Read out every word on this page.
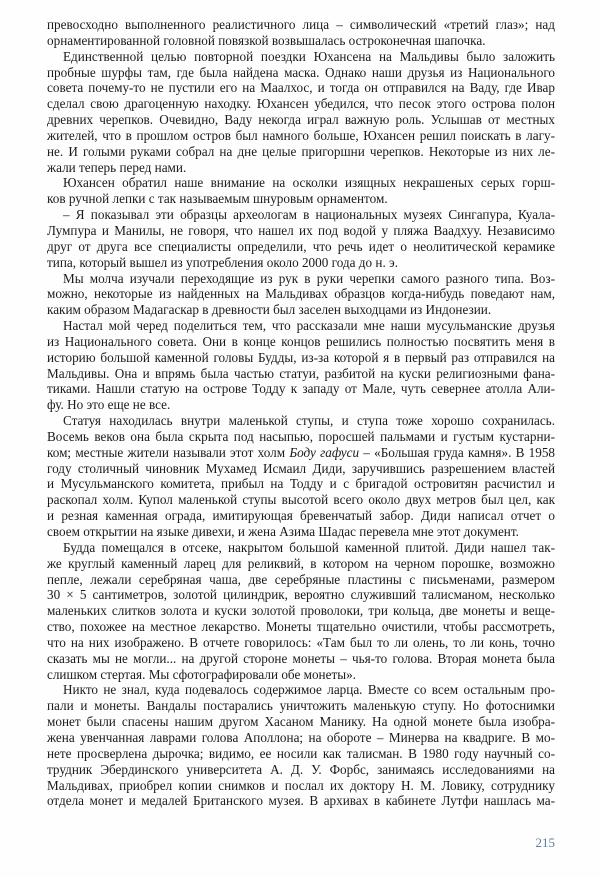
превосходно выполненного реалистичного лица – символический «третий глаз»; над
орнаментированной головной повязкой возвышалась остроконечная шапочка.
Единственной целью повторной поездки Юхансена на Мальдивы было заложить
пробные шурфы там, где была найдена маска. Однако наши друзья из Национального
совета почему-то не пустили его на Маалхос, и тогда он отправился на Ваду, где Ивар
сделал свою драгоценную находку. Юхансен убедился, что песок этого острова полон
древних черепков. Очевидно, Ваду некогда играл важную роль. Услышав от местных
жителей, что в прошлом остров был намного больше, Юхансен решил поискать в лагу-
не. И голыми руками собрал на дне целые пригоршни черепков. Некоторые из них ле-
жали теперь перед нами.
Юхансен обратил наше внимание на осколки изящных некрашеных серых горш-
ков ручной лепки с так называемым шнуровым орнаментом.
– Я показывал эти образцы археологам в национальных музеях Сингапура, Куала-
Лумпура и Манилы, не говоря, что нашел их под водой у пляжа Ваадхуу. Независимо
друг от друга все специалисты определили, что речь идет о неолитической керамике
типа, который вышел из употребления около 2000 года до н. э.
Мы молча изучали переходящие из рук в руки черепки самого разного типа. Воз-
можно, некоторые из найденных на Мальдивах образцов когда-нибудь поведают нам,
каким образом Мадагаскар в древности был заселен выходцами из Индонезии.
Настал мой черед поделиться тем, что рассказали мне наши мусульманские друзья
из Национального совета. Они в конце концов решились полностью посвятить меня в
историю большой каменной головы Будды, из-за которой я в первый раз отправился на
Мальдивы. Она и впрямь была частью статуи, разбитой на куски религиозными фана-
тиками. Нашли статую на острове Тодду к западу от Мале, чуть севернее атолла Али-
фу. Но это еще не все.
Статуя находилась внутри маленькой ступы, и ступа тоже хорошо сохранилась.
Восемь веков она была скрыта под насыпью, поросшей пальмами и густым кустарни-
ком; местные жители называли этот холм Боду гафуси – «Большая груда камня». В 1958
году столичный чиновник Мухамед Исмаил Диди, заручившись разрешением властей
и Мусульманского комитета, прибыл на Тодду и с бригадой островитян расчистил и
раскопал холм. Купол маленькой ступы высотой всего около двух метров был цел, как
и резная каменная ограда, имитирующая бревенчатый забор. Диди написал отчет о
своем открытии на языке дивехи, и жена Азима Шадас перевела мне этот документ.
Будда помещался в отсеке, накрытом большой каменной плитой. Диди нашел так-
же круглый каменный ларец для реликвий, в котором на черном порошке, возможно
пепле, лежали серебряная чаша, две серебряные пластины с письменами, размером
30 × 5 сантиметров, золотой цилиндрик, вероятно служивший талисманом, несколько
маленьких слитков золота и куски золотой проволоки, три кольца, две монеты и веще-
ство, похожее на местное лекарство. Монеты тщательно очистили, чтобы рассмотреть,
что на них изображено. В отчете говорилось: «Там был то ли олень, то ли конь, точно
сказать мы не могли... на другой стороне монеты – чья-то голова. Вторая монета была
слишком стертая. Мы сфотографировали обе монеты».
Никто не знал, куда подевалось содержимое ларца. Вместе со всем остальным про-
пали и монеты. Вандалы постарались уничтожить маленькую ступу. Но фотоснимки
монет были спасены нашим другом Хасаном Манику. На одной монете была изобра-
жена увенчанная лаврами голова Аполлона; на обороте – Минерва на квадриге. В мо-
нете просверлена дырочка; видимо, ее носили как талисман. В 1980 году научный со-
трудник Эбердинского университета А. Д. У. Форбс, занимаясь исследованиями на
Мальдивах, приобрел копии снимков и послал их доктору Н. М. Ловику, сотруднику
отдела монет и медалей Британского музея. В архивах в кабинете Лутфи нашлась ма-
215
